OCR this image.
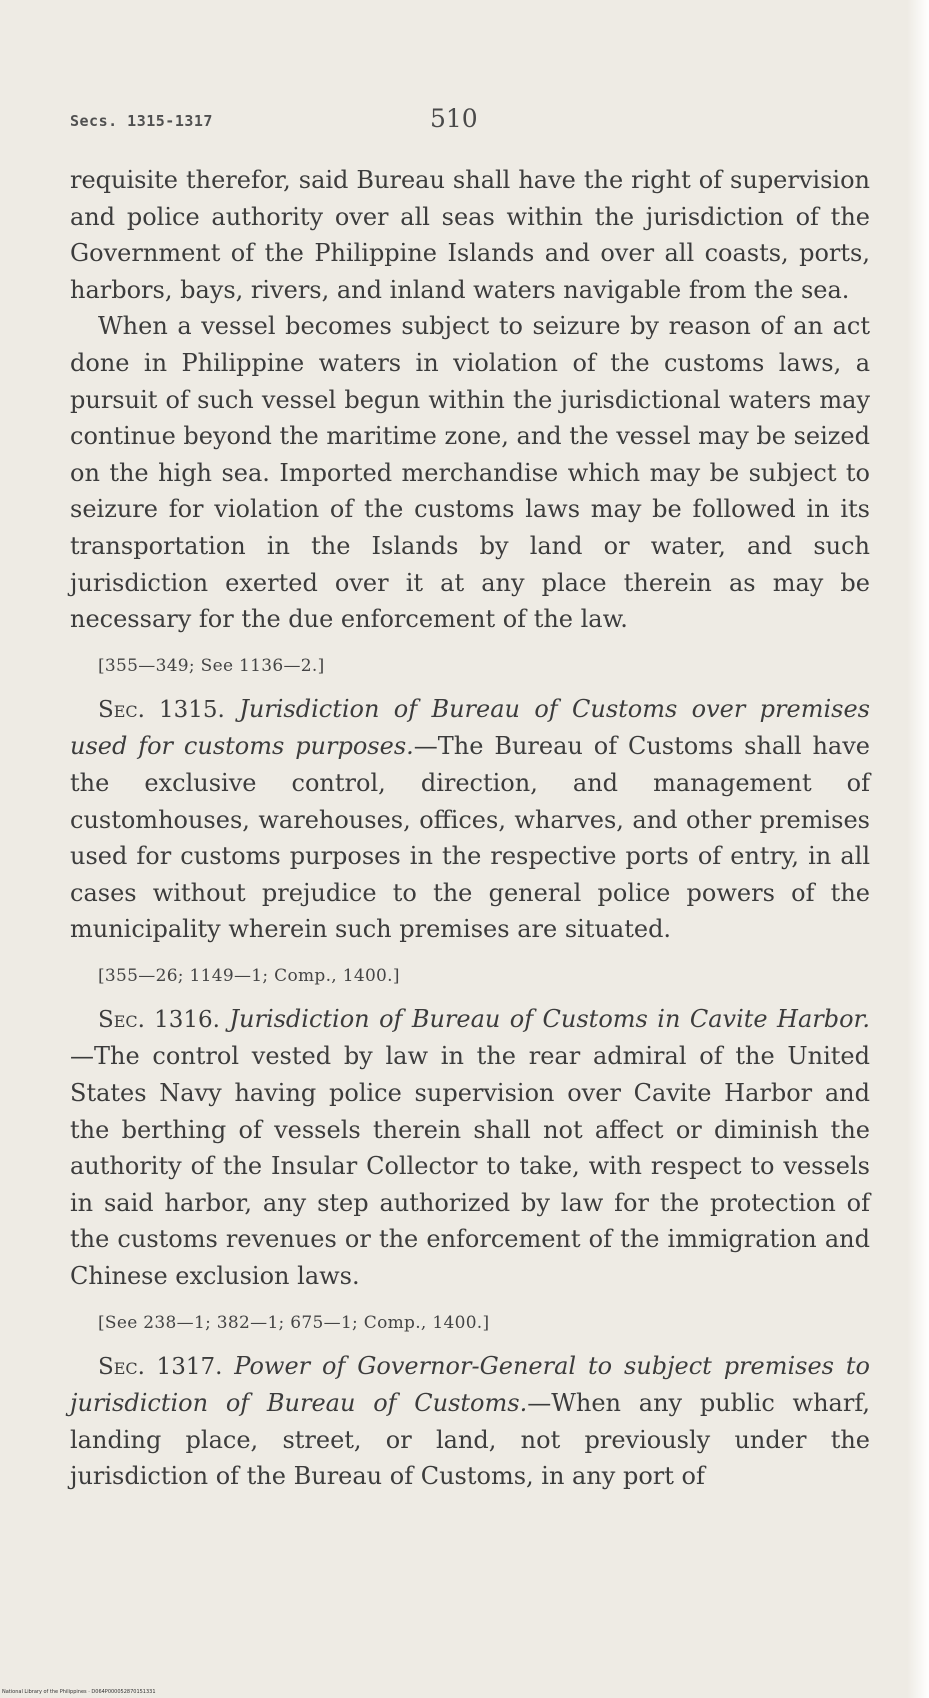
Secs. 1315-1317	510

requisite therefor, said Bureau shall have the right of supervision and police authority over all seas within the jurisdiction of the Government of the Philippine Islands and over all coasts, ports, harbors, bays, rivers, and inland waters navigable from the sea.

When a vessel becomes subject to seizure by reason of an act done in Philippine waters in violation of the customs laws, a pursuit of such vessel begun within the jurisdictional waters may continue beyond the maritime zone, and the vessel may be seized on the high sea. Imported merchandise which may be subject to seizure for violation of the customs laws may be followed in its transportation in the Islands by land or water, and such jurisdiction exerted over it at any place therein as may be necessary for the due enforcement of the law.

[355—349; See 1136—2.]

Sec. 1315. Jurisdiction of Bureau of Customs over premises used for customs purposes.—The Bureau of Customs shall have the exclusive control, direction, and management of customhouses, warehouses, offices, wharves, and other premises used for customs purposes in the respective ports of entry, in all cases without prejudice to the general police powers of the municipality wherein such premises are situated.

[355—26; 1149—1; Comp., 1400.]

Sec. 1316. Jurisdiction of Bureau of Customs in Cavite Harbor.—The control vested by law in the rear admiral of the United States Navy having police supervision over Cavite Harbor and the berthing of vessels therein shall not affect or diminish the authority of the Insular Collector to take, with respect to vessels in said harbor, any step authorized by law for the protection of the customs revenues or the enforcement of the immigration and Chinese exclusion laws.

[See 238—1; 382—1; 675—1; Comp., 1400.]

Sec. 1317. Power of Governor-General to subject premises to jurisdiction of Bureau of Customs.—When any public wharf, landing place, street, or land, not previously under the jurisdiction of the Bureau of Customs, in any port of

National Library of the Philippines · D064P000052870151331
